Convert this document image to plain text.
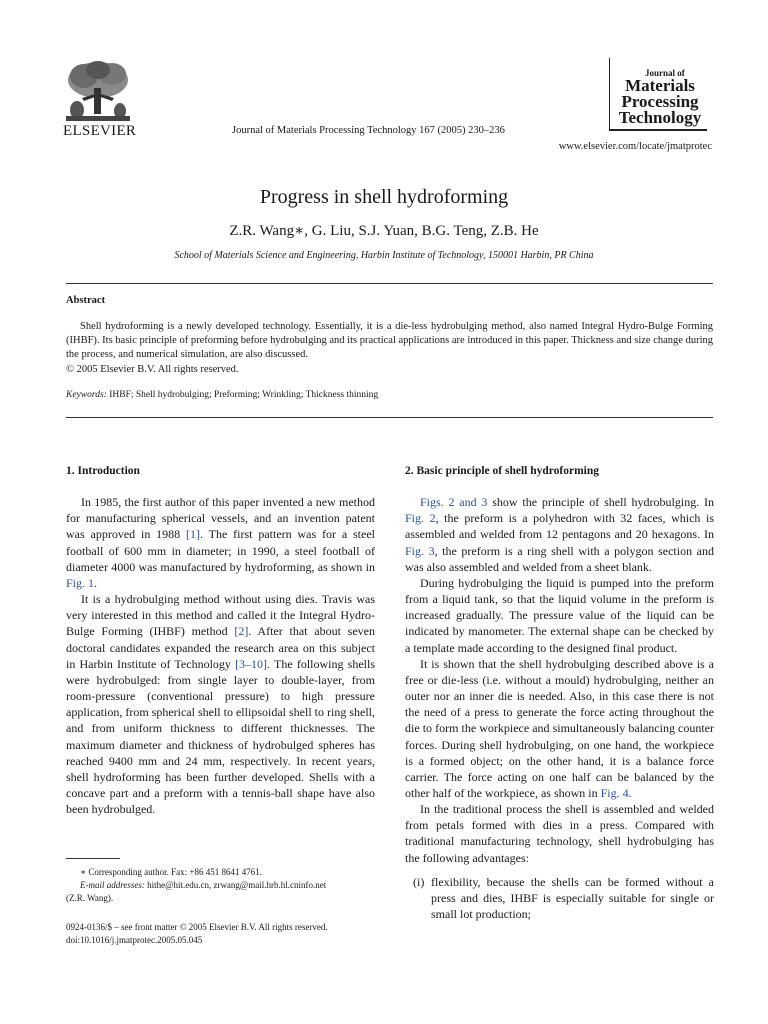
ELSEVIER	Journal of Materials Processing Technology 167 (2005) 230–236
Journal of
Materials
Processing
Technology
www.elsevier.com/locate/jmatprotec
Progress in shell hydroforming
Z.R. Wang∗, G. Liu, S.J. Yuan, B.G. Teng, Z.B. He
School of Materials Science and Engineering, Harbin Institute of Technology, 150001 Harbin, PR China
Abstract

Shell hydroforming is a newly developed technology. Essentially, it is a die-less hydrobulging method, also named Integral Hydro-Bulge Forming (IHBF). Its basic principle of preforming before hydrobulging and its practical applications are introduced in this paper. Thickness and size change during the process, and numerical simulation, are also discussed.

© 2005 Elsevier B.V. All rights reserved.

Keywords: IHBF; Shell hydrobulging; Preforming; Wrinkling; Thickness thinning
1. Introduction

In 1985, the first author of this paper invented a new method for manufacturing spherical vessels, and an invention patent was approved in 1988 [1]. The first pattern was for a steel football of 600 mm in diameter; in 1990, a steel football of diameter 4000 was manufactured by hydroforming, as shown in Fig. 1.

It is a hydrobulging method without using dies. Travis was very interested in this method and called it the Integral Hydro-Bulge Forming (IHBF) method [2]. After that about seven doctoral candidates expanded the research area on this subject in Harbin Institute of Technology [3–10]. The following shells were hydrobulged: from single layer to double-layer, from room-pressure (conventional pressure) to high pressure application, from spherical shell to ellipsoidal shell to ring shell, and from uniform thickness to different thicknesses. The maximum diameter and thickness of hydrobulged spheres has reached 9400 mm and 24 mm, respectively. In recent years, shell hydroforming has been further developed. Shells with a concave part and a preform with a tennis-ball shape have also been hydrobulged.

2. Basic principle of shell hydroforming

Figs. 2 and 3 show the principle of shell hydrobulging. In Fig. 2, the preform is a polyhedron with 32 faces, which is assembled and welded from 12 pentagons and 20 hexagons. In Fig. 3, the preform is a ring shell with a polygon section and was also assembled and welded from a sheet blank.

During hydrobulging the liquid is pumped into the preform from a liquid tank, so that the liquid volume in the preform is increased gradually. The pressure value of the liquid can be indicated by manometer. The external shape can be checked by a template made according to the designed final product.

It is shown that the shell hydrobulging described above is a free or die-less (i.e. without a mould) hydrobulging, neither an outer nor an inner die is needed. Also, in this case there is not the need of a press to generate the force acting throughout the die to form the workpiece and simultaneously balancing counter forces. During shell hydrobulging, on one hand, the workpiece is a formed object; on the other hand, it is a balance force carrier. The force acting on one half can be balanced by the other half of the workpiece, as shown in Fig. 4.

In the traditional process the shell is assembled and welded from petals formed with dies in a press. Compared with traditional manufacturing technology, shell hydrobulging has the following advantages:

(i) flexibility, because the shells can be formed without a press and dies, IHBF is especially suitable for single or small lot production;

∗ Corresponding author. Fax: +86 451 8641 4761.
E-mail addresses: hithe@hit.edu.cn, zrwang@mail.hrb.hl.cninfo.net
(Z.R. Wang).
0924-0136/$ – see front matter © 2005 Elsevier B.V. All rights reserved.
doi:10.1016/j.jmatprotec.2005.05.045
